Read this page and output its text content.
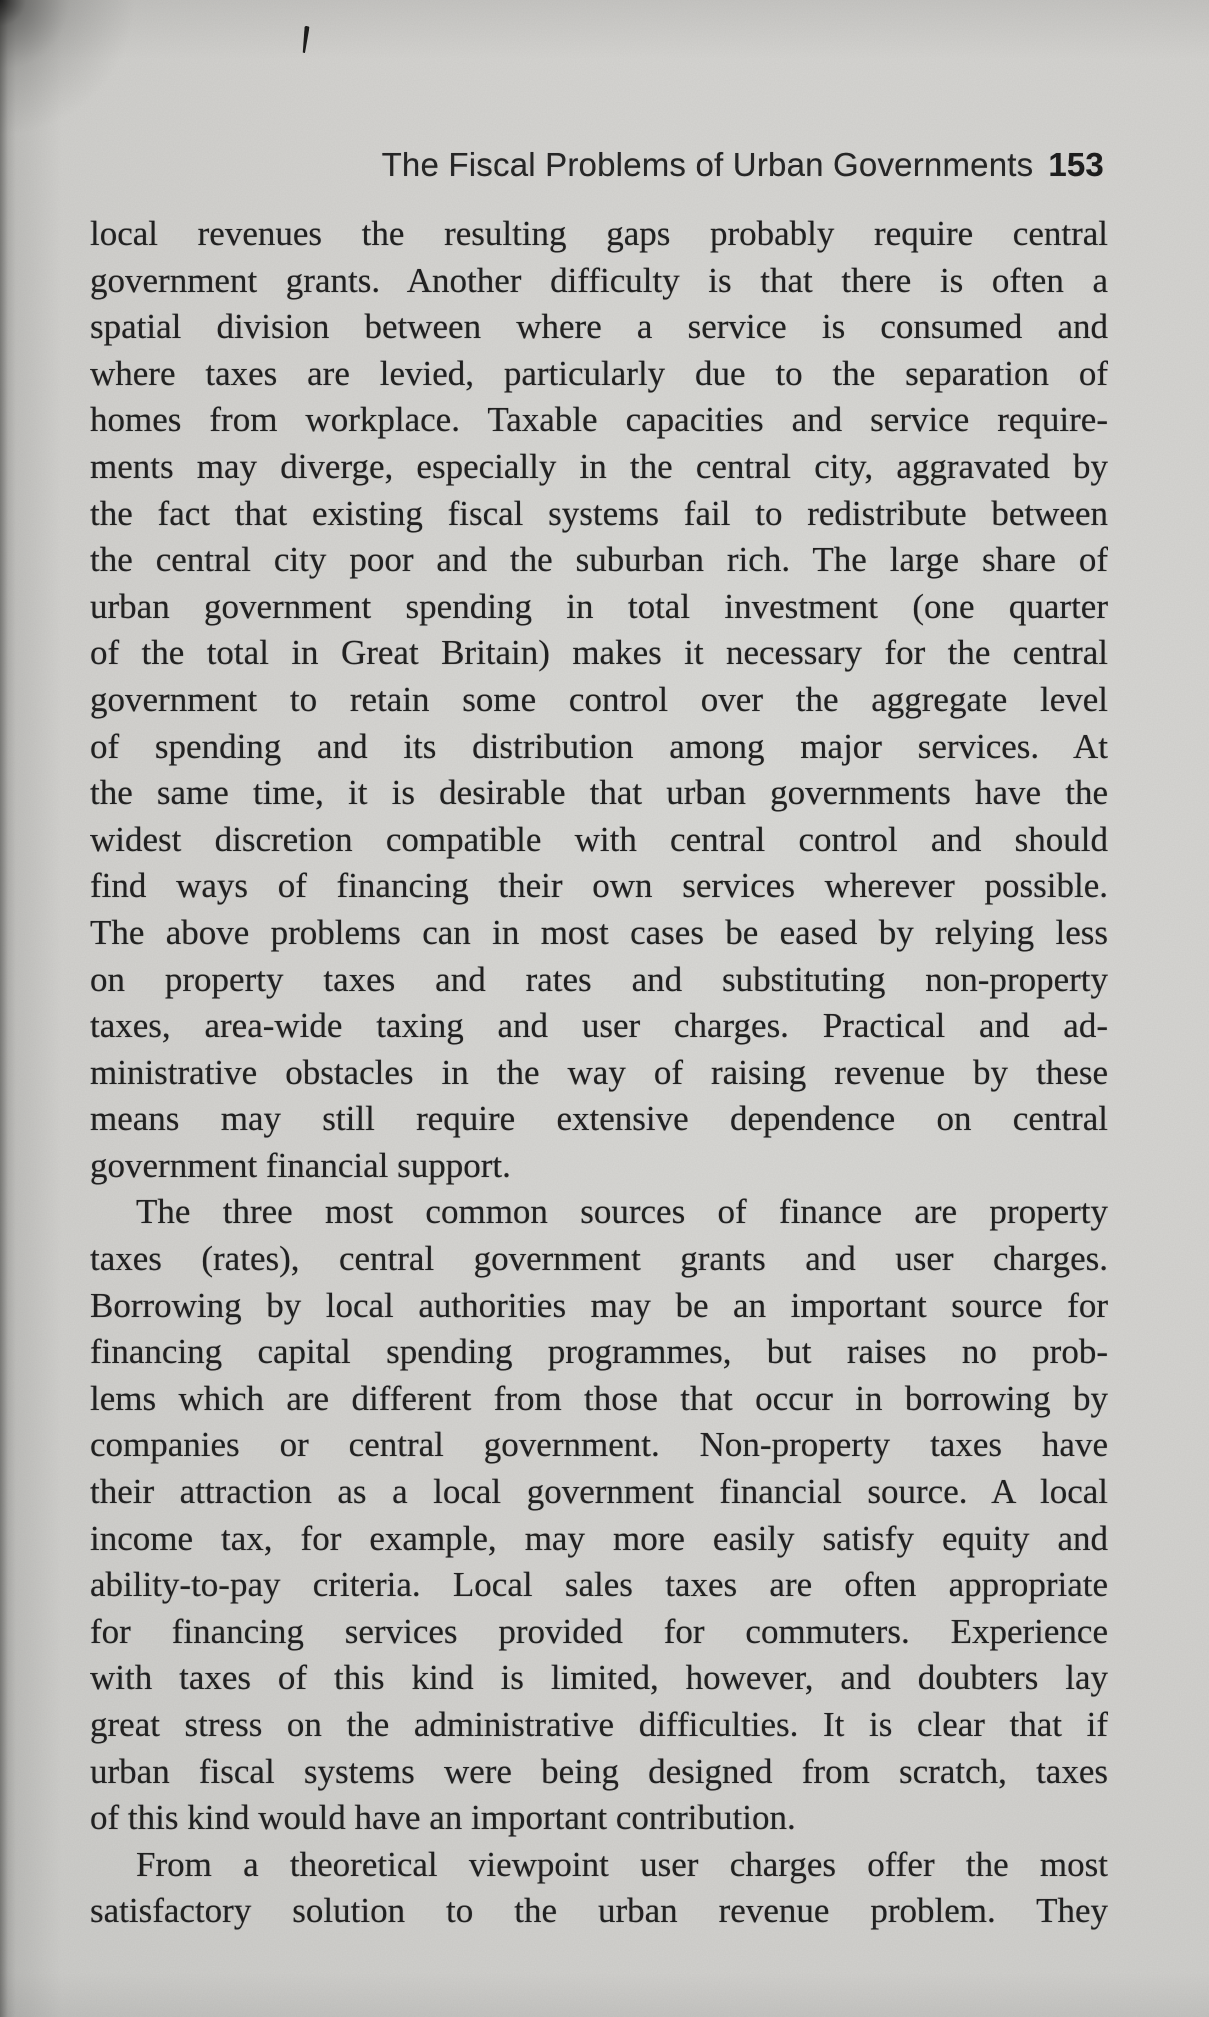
The Fiscal Problems of Urban Governments 153
local revenues the resulting gaps probably require central
government grants. Another difficulty is that there is often a
spatial division between where a service is consumed and
where taxes are levied, particularly due to the separation of
homes from workplace. Taxable capacities and service require-
ments may diverge, especially in the central city, aggravated by
the fact that existing fiscal systems fail to redistribute between
the central city poor and the suburban rich. The large share of
urban government spending in total investment (one quarter
of the total in Great Britain) makes it necessary for the central
government to retain some control over the aggregate level
of spending and its distribution among major services. At
the same time, it is desirable that urban governments have the
widest discretion compatible with central control and should
find ways of financing their own services wherever possible.
The above problems can in most cases be eased by relying less
on property taxes and rates and substituting non-property
taxes, area-wide taxing and user charges. Practical and ad-
ministrative obstacles in the way of raising revenue by these
means may still require extensive dependence on central
government financial support.
The three most common sources of finance are property
taxes (rates), central government grants and user charges.
Borrowing by local authorities may be an important source for
financing capital spending programmes, but raises no prob-
lems which are different from those that occur in borrowing by
companies or central government. Non-property taxes have
their attraction as a local government financial source. A local
income tax, for example, may more easily satisfy equity and
ability-to-pay criteria. Local sales taxes are often appropriate
for financing services provided for commuters. Experience
with taxes of this kind is limited, however, and doubters lay
great stress on the administrative difficulties. It is clear that if
urban fiscal systems were being designed from scratch, taxes
of this kind would have an important contribution.
From a theoretical viewpoint user charges offer the most
satisfactory solution to the urban revenue problem. They
